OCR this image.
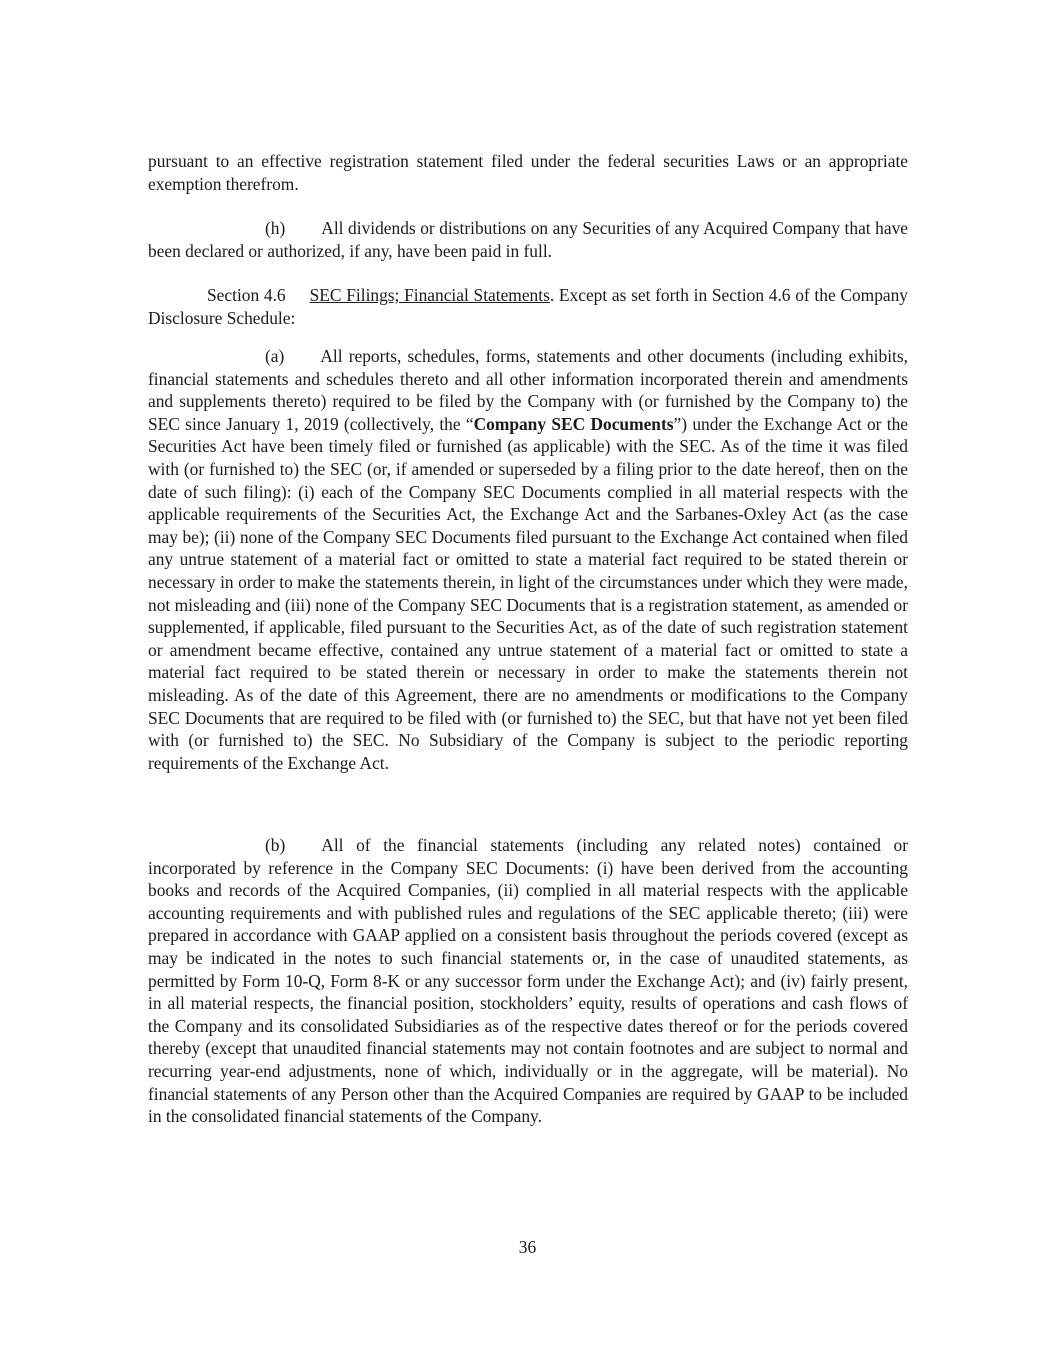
pursuant to an effective registration statement filed under the federal securities Laws or an appropriate exemption therefrom.

(h) All dividends or distributions on any Securities of any Acquired Company that have been declared or authorized, if any, have been paid in full.

Section 4.6 SEC Filings; Financial Statements. Except as set forth in Section 4.6 of the Company Disclosure Schedule:

(a) All reports, schedules, forms, statements and other documents (including exhibits, financial statements and schedules thereto and all other information incorporated therein and amendments and supplements thereto) required to be filed by the Company with (or furnished by the Company to) the SEC since January 1, 2019 (collectively, the “Company SEC Documents”) under the Exchange Act or the Securities Act have been timely filed or furnished (as applicable) with the SEC. As of the time it was filed with (or furnished to) the SEC (or, if amended or superseded by a filing prior to the date hereof, then on the date of such filing): (i) each of the Company SEC Documents complied in all material respects with the applicable requirements of the Securities Act, the Exchange Act and the Sarbanes-Oxley Act (as the case may be); (ii) none of the Company SEC Documents filed pursuant to the Exchange Act contained when filed any untrue statement of a material fact or omitted to state a material fact required to be stated therein or necessary in order to make the statements therein, in light of the circumstances under which they were made, not misleading and (iii) none of the Company SEC Documents that is a registration statement, as amended or supplemented, if applicable, filed pursuant to the Securities Act, as of the date of such registration statement or amendment became effective, contained any untrue statement of a material fact or omitted to state a material fact required to be stated therein or necessary in order to make the statements therein not misleading. As of the date of this Agreement, there are no amendments or modifications to the Company SEC Documents that are required to be filed with (or furnished to) the SEC, but that have not yet been filed with (or furnished to) the SEC. No Subsidiary of the Company is subject to the periodic reporting requirements of the Exchange Act.

(b) All of the financial statements (including any related notes) contained or incorporated by reference in the Company SEC Documents: (i) have been derived from the accounting books and records of the Acquired Companies, (ii) complied in all material respects with the applicable accounting requirements and with published rules and regulations of the SEC applicable thereto; (iii) were prepared in accordance with GAAP applied on a consistent basis throughout the periods covered (except as may be indicated in the notes to such financial statements or, in the case of unaudited statements, as permitted by Form 10-Q, Form 8-K or any successor form under the Exchange Act); and (iv) fairly present, in all material respects, the financial position, stockholders’ equity, results of operations and cash flows of the Company and its consolidated Subsidiaries as of the respective dates thereof or for the periods covered thereby (except that unaudited financial statements may not contain footnotes and are subject to normal and recurring year-end adjustments, none of which, individually or in the aggregate, will be material). No financial statements of any Person other than the Acquired Companies are required by GAAP to be included in the consolidated financial statements of the Company.

36
